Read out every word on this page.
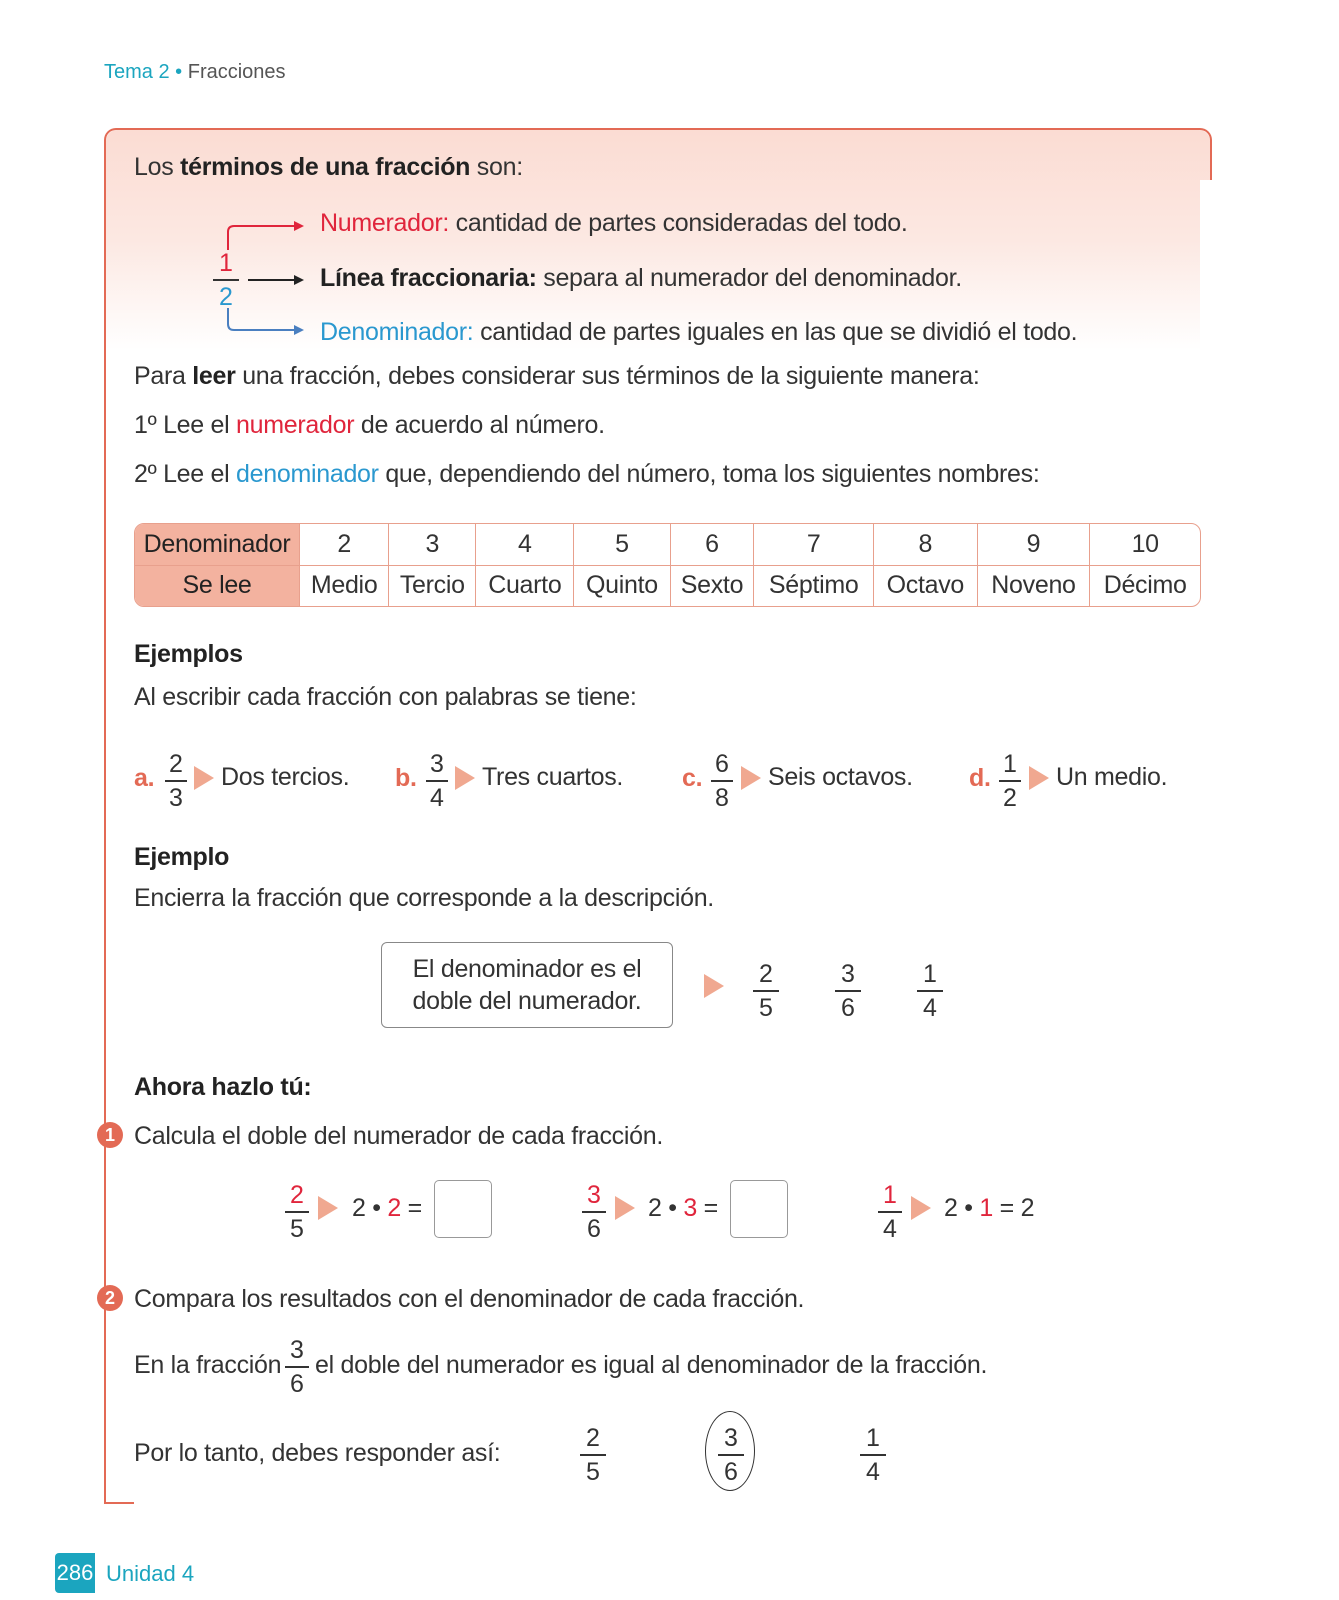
Tema 2 • Fracciones
Los términos de una fracción son:
1
2
Numerador: cantidad de partes consideradas del todo.
Línea fraccionaria: separa al numerador del denominador.
Denominador: cantidad de partes iguales en las que se dividió el todo.
Para leer una fracción, debes considerar sus términos de la siguiente manera:
1º Lee el numerador de acuerdo al número.
2º Lee el denominador que, dependiendo del número, toma los siguientes nombres:
Denominador	2	3	4	5	6	7	8	9	10
Se lee	Medio	Tercio	Cuarto	Quinto	Sexto	Séptimo	Octavo	Noveno	Décimo
Ejemplos
Al escribir cada fracción con palabras se tiene:
a. 2
3
Dos tercios. b. 3
4
Tres cuartos. c. 6
8
Seis octavos. d. 1
2
Un medio.
Ejemplo
Encierra la fracción que corresponde a la descripción.
El denominador es el
doble del numerador.
2
5
3
6
1
4
Ahora hazlo tú:
1 Calcula el doble del numerador de cada fracción.
2
5
2 • 2 =	3
6
2 • 3 =	1
4
2 • 1 = 2
2 Compara los resultados con el denominador de cada fracción.
En la fracción
3
6
el doble del numerador es igual al denominador de la fracción.
Por lo tanto, debes responder así:
2
5
3
6
1
4
286 Unidad 4
